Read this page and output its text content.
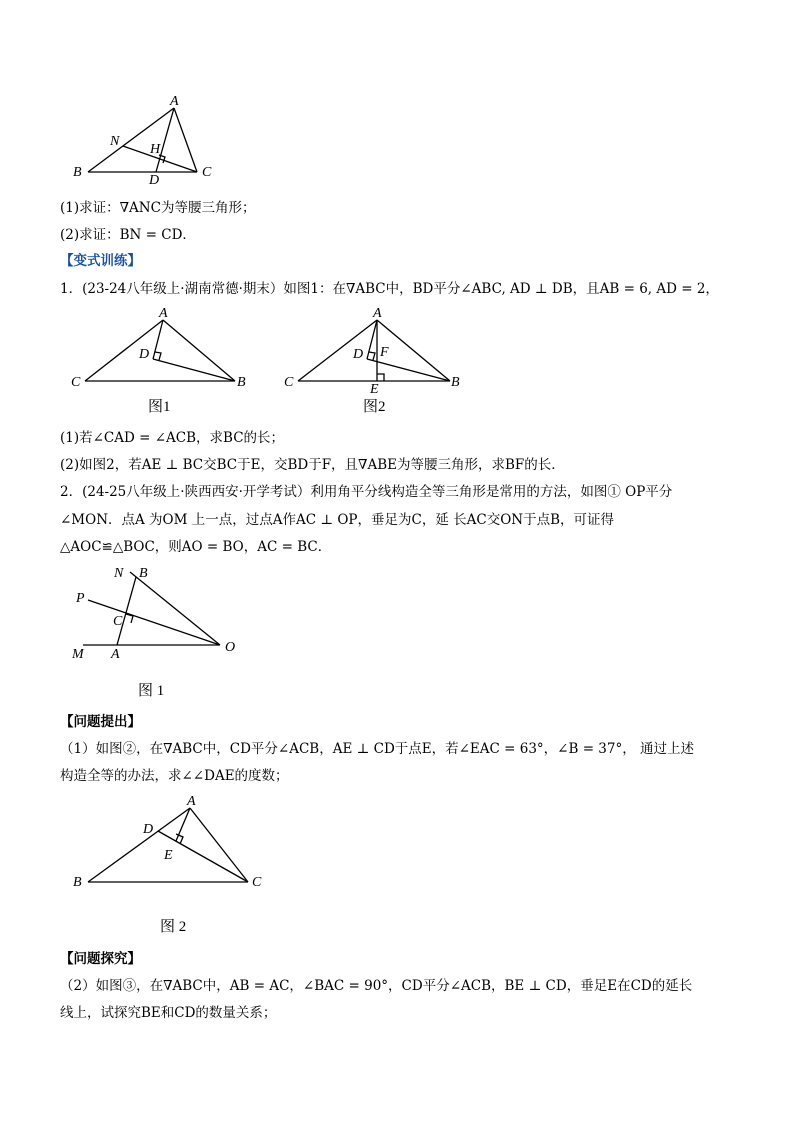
A
N
H
B
D
C
(1)求证：∇ANC为等腰三角形；
(2)求证：BN = CD．
【变式训练】
1．(23-24八年级上·湖南常德·期末）如图1：在∇ABC中，BD平分∠ABC, AD ⊥ DB，且AB = 6, AD = 2，
A
D
C	B
图1
A
D F
C	E	B
图2
(1)若∠CAD = ∠ACB，求BC的长；
(2)如图2，若AE ⊥ BC交BC于E，交BD于F，且∇ABE为等腰三角形，求BF的长．
2．(24-25八年级上·陕西西安·开学考试）利用角平分线构造全等三角形是常用的方法，如图① OP平分
∠MON．点A 为OM 上一点，过点A作AC ⊥ OP，垂足为C，延 长AC交ON于点B，可证得
△AOC≌△BOC，则AO = BO，AC = BC．
N B
P
C
M A	O
图 1
【问题提出】
（1）如图②，在∇ABC中，CD平分∠ACB，AE ⊥ CD于点E，若∠EAC = 63°，∠B = 37°， 通过上述
构造全等的办法，求∠∠DAE的度数；
A
D
E
B	C
图 2
【问题探究】
（2）如图③，在∇ABC中，AB = AC，∠BAC = 90°，CD平分∠ACB，BE ⊥ CD，垂足E在CD的延长
线上，试探究BE和CD的数量关系；
